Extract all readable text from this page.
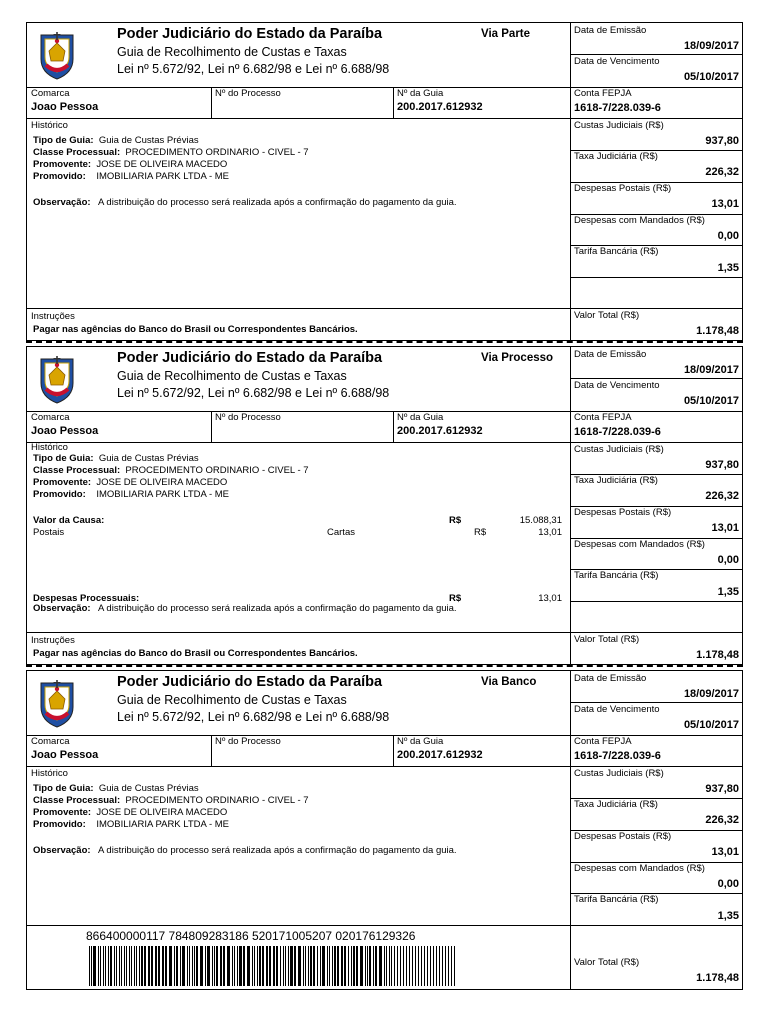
Poder Judiciário do Estado da Paraíba
Guia de Recolhimento de Custas e Taxas
Lei nº 5.672/92, Lei nº 6.682/98 e Lei nº 6.688/98
Via Parte	Data de Emissão
18/09/2017
Data de Vencimento
05/10/2017
Comarca
Joao Pessoa
Nº do Processo	Nº da Guia
200.2017.612932
Conta FEPJA
1618-7/228.039-6
Histórico
Tipo de Guia: Guia de Custas Prévias
Classe Processual: PROCEDIMENTO ORDINARIO - CIVEL - 7
Promovente: JOSE DE OLIVEIRA MACEDO
Promovido: IMOBILIARIA PARK LTDA - ME
Observação: A distribuição do processo será realizada após a confirmação do pagamento da guia.
Custas Judiciais (R$)
937,80
Taxa Judiciária (R$)
226,32
Despesas Postais (R$)
13,01
Despesas com Mandados (R$)
0,00
Tarifa Bancária (R$)
1,35
Instruções
Pagar nas agências do Banco do Brasil ou Correspondentes Bancários.
Valor Total (R$)
1.178,48
Poder Judiciário do Estado da Paraíba
Guia de Recolhimento de Custas e Taxas
Lei nº 5.672/92, Lei nº 6.682/98 e Lei nº 6.688/98
Via Processo Data de Emissão
18/09/2017
Data de Vencimento
05/10/2017
Comarca
Joao Pessoa
Nº do Processo	Nº da Guia
200.2017.612932
Conta FEPJA
1618-7/228.039-6
Histórico
Tipo de Guia: Guia de Custas Prévias
Classe Processual: PROCEDIMENTO ORDINARIO - CIVEL - 7
Promovente: JOSE DE OLIVEIRA MACEDO
Promovido: IMOBILIARIA PARK LTDA - ME
Valor da Causa:	R$	15.088,31
Postais	Cartas	R$	13,01
Despesas Processuais:	R$	13,01
Observação: A distribuição do processo será realizada após a confirmação do pagamento da guia.
Custas Judiciais (R$)
937,80
Taxa Judiciária (R$)
226,32
Despesas Postais (R$)
13,01
Despesas com Mandados (R$)
0,00
Tarifa Bancária (R$)
1,35
Instruções
Pagar nas agências do Banco do Brasil ou Correspondentes Bancários.
Valor Total (R$)
1.178,48
Poder Judiciário do Estado da Paraíba
Guia de Recolhimento de Custas e Taxas
Lei nº 5.672/92, Lei nº 6.682/98 e Lei nº 6.688/98
Via Banco	Data de Emissão
18/09/2017
Data de Vencimento
05/10/2017
Comarca
Joao Pessoa
Nº do Processo	Nº da Guia
200.2017.612932
Conta FEPJA
1618-7/228.039-6
Histórico
Tipo de Guia: Guia de Custas Prévias
Classe Processual: PROCEDIMENTO ORDINARIO - CIVEL - 7
Promovente: JOSE DE OLIVEIRA MACEDO
Promovido: IMOBILIARIA PARK LTDA - ME
Observação: A distribuição do processo será realizada após a confirmação do pagamento da guia.
Custas Judiciais (R$)
937,80
Taxa Judiciária (R$)
226,32
Despesas Postais (R$)
13,01
Despesas com Mandados (R$)
0,00
Tarifa Bancária (R$)
1,35
866400000117 784809283186 520171005207 020176129326
Valor Total (R$)
1.178,48
